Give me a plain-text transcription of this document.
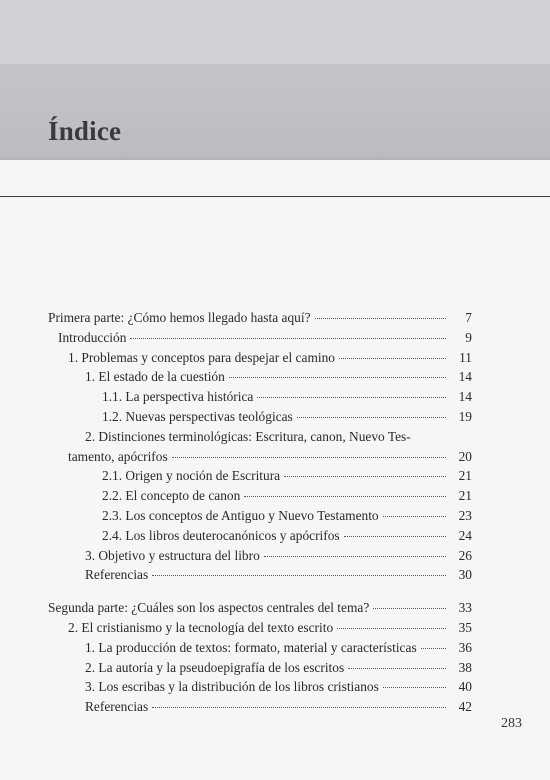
Índice
Primera parte: ¿Cómo hemos llegado hasta aquí?	7
Introducción	9
1. Problemas y conceptos para despejar el camino	11
1. El estado de la cuestión	14
1.1. La perspectiva histórica	14
1.2. Nuevas perspectivas teológicas	19
2. Distinciones terminológicas: Escritura, canon, Nuevo Tes-
tamento, apócrifos	20
2.1. Origen y noción de Escritura	21
2.2. El concepto de canon	21
2.3. Los conceptos de Antiguo y Nuevo Testamento	23
2.4. Los libros deuterocanónicos y apócrifos	24
3. Objetivo y estructura del libro	26
Referencias	30
Segunda parte: ¿Cuáles son los aspectos centrales del tema?	33
2. El cristianismo y la tecnología del texto escrito	35
1. La producción de textos: formato, material y características	36
2. La autoría y la pseudoepigrafía de los escritos	38
3. Los escribas y la distribución de los libros cristianos	40
Referencias	42
283
